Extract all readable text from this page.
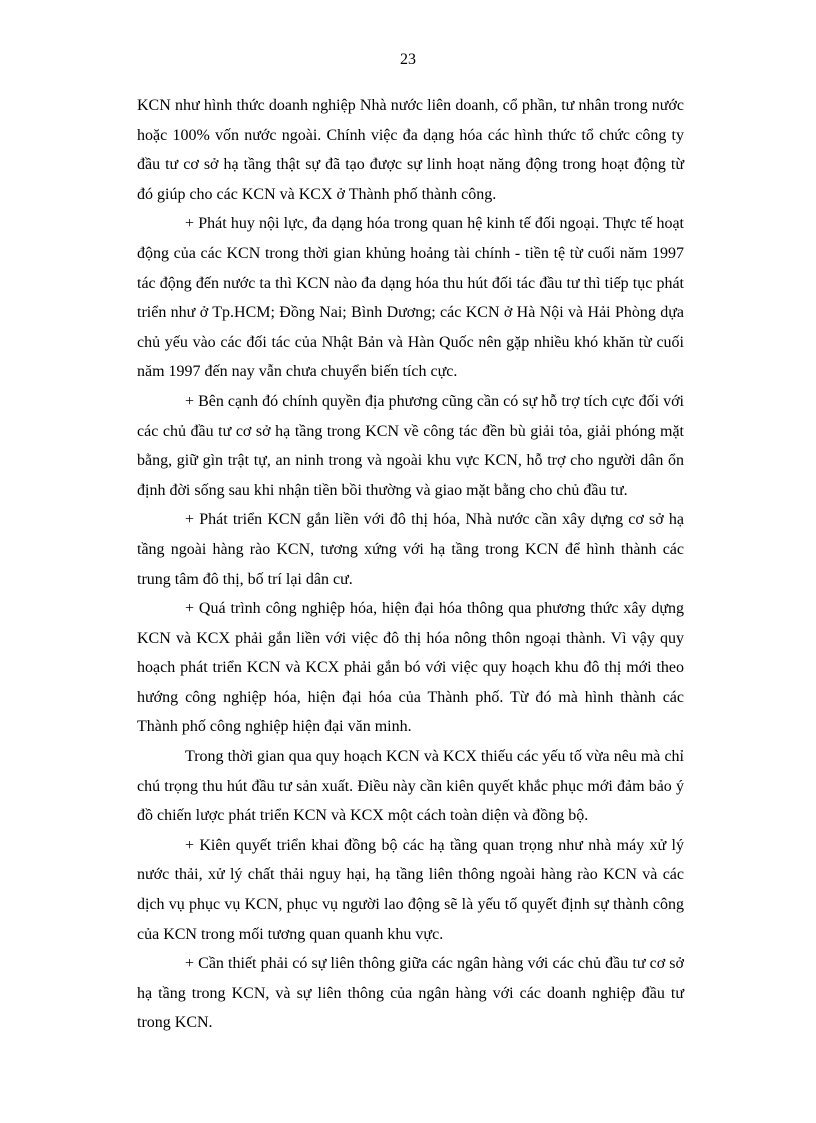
23

KCN như hình thức doanh nghiệp Nhà nước liên doanh, cổ phần, tư nhân trong nước hoặc 100% vốn nước ngoài. Chính việc đa dạng hóa các hình thức tổ chức công ty đầu tư cơ sở hạ tầng thật sự đã tạo được sự linh hoạt năng động trong hoạt động từ đó giúp cho các KCN và KCX ở Thành phố thành công.

+ Phát huy nội lực, đa dạng hóa trong quan hệ kinh tế đối ngoại. Thực tế hoạt động của các KCN trong thời gian khủng hoảng tài chính - tiền tệ từ cuối năm 1997 tác động đến nước ta thì KCN nào đa dạng hóa thu hút đối tác đầu tư thì tiếp tục phát triển như ở Tp.HCM; Đồng Nai; Bình Dương; các KCN ở Hà Nội và Hải Phòng dựa chủ yếu vào các đối tác của Nhật Bản và Hàn Quốc nên gặp nhiều khó khăn từ cuối năm 1997 đến nay vẫn chưa chuyển biến tích cực.

+ Bên cạnh đó chính quyền địa phương cũng cần có sự hỗ trợ tích cực đối với các chủ đầu tư cơ sở hạ tầng trong KCN về công tác đền bù giải tỏa, giải phóng mặt bằng, giữ gìn trật tự, an ninh trong và ngoài khu vực KCN, hỗ trợ cho người dân ổn định đời sống sau khi nhận tiền bồi thường và giao mặt bằng cho chủ đầu tư.

+ Phát triển KCN gắn liền với đô thị hóa, Nhà nước cần xây dựng cơ sở hạ tầng ngoài hàng rào KCN, tương xứng với hạ tầng trong KCN để hình thành các trung tâm đô thị, bố trí lại dân cư.

+ Quá trình công nghiệp hóa, hiện đại hóa thông qua phương thức xây dựng KCN và KCX phải gắn liền với việc đô thị hóa nông thôn ngoại thành. Vì vậy quy hoạch phát triển KCN và KCX phải gắn bó với việc quy hoạch khu đô thị mới theo hướng công nghiệp hóa, hiện đại hóa của Thành phố. Từ đó mà hình thành các Thành phố công nghiệp hiện đại văn minh.

Trong thời gian qua quy hoạch KCN và KCX thiếu các yếu tố vừa nêu mà chỉ chú trọng thu hút đầu tư sản xuất. Điều này cần kiên quyết khắc phục mới đảm bảo ý đồ chiến lược phát triển KCN và KCX một cách toàn diện và đồng bộ.

+ Kiên quyết triển khai đồng bộ các hạ tầng quan trọng như nhà máy xử lý nước thải, xử lý chất thải nguy hại, hạ tầng liên thông ngoài hàng rào KCN và các dịch vụ phục vụ KCN, phục vụ người lao động sẽ là yếu tố quyết định sự thành công của KCN trong mối tương quan quanh khu vực.

+ Cần thiết phải có sự liên thông giữa các ngân hàng với các chủ đầu tư cơ sở hạ tầng trong KCN, và sự liên thông của ngân hàng với các doanh nghiệp đầu tư trong KCN.
